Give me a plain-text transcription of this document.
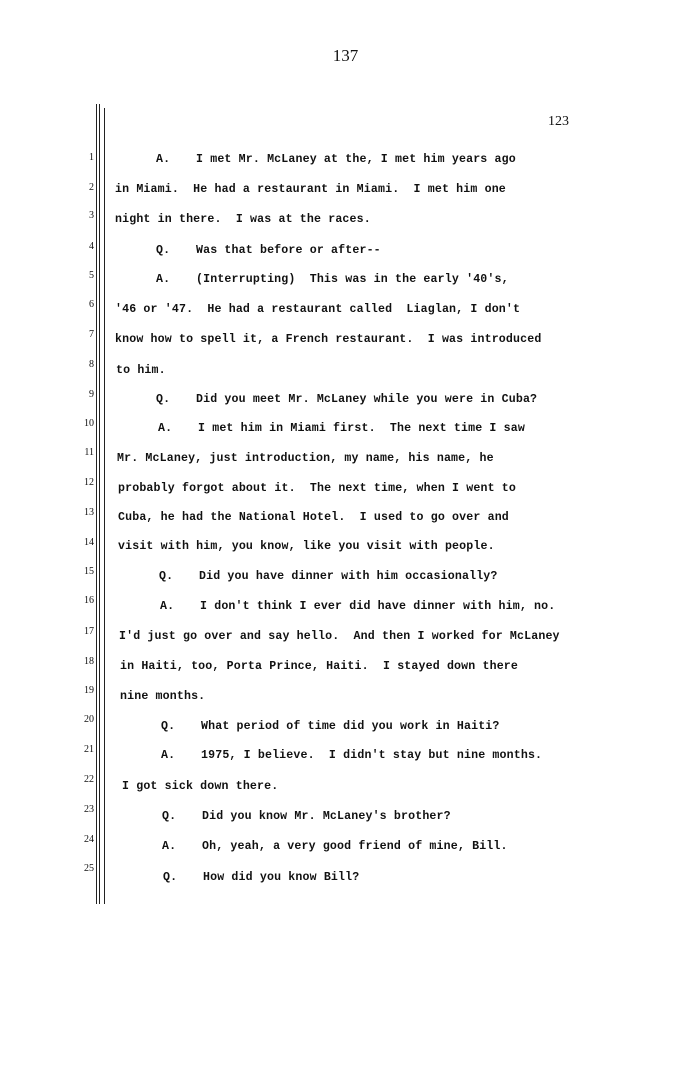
137
123
1
2
3
4
5
6
7
8
9
10
11
12
13
14
15
16
17
18
19
20
21
22
23
24
25
A. I met Mr. McLaney at the, I met him years ago
in Miami.  He had a restaurant in Miami.  I met him one
night in there.  I was at the races.
Q. Was that before or after--
A. (Interrupting)  This was in the early '40's,
'46 or '47.  He had a restaurant called  Liaglan, I don't
know how to spell it, a French restaurant.  I was introduced
to him.
Q. Did you meet Mr. McLaney while you were in Cuba?
A. I met him in Miami first.  The next time I saw
Mr. McLaney, just introduction, my name, his name, he
probably forgot about it.  The next time, when I went to
Cuba, he had the National Hotel.  I used to go over and
visit with him, you know, like you visit with people.
Q. Did you have dinner with him occasionally?
A. I don't think I ever did have dinner with him, no.
I'd just go over and say hello.  And then I worked for McLaney
in Haiti, too, Porta Prince, Haiti.  I stayed down there
nine months.
Q. What period of time did you work in Haiti?
A. 1975, I believe.  I didn't stay but nine months.
I got sick down there.
Q. Did you know Mr. McLaney's brother?
A. Oh, yeah, a very good friend of mine, Bill.
Q. How did you know Bill?
